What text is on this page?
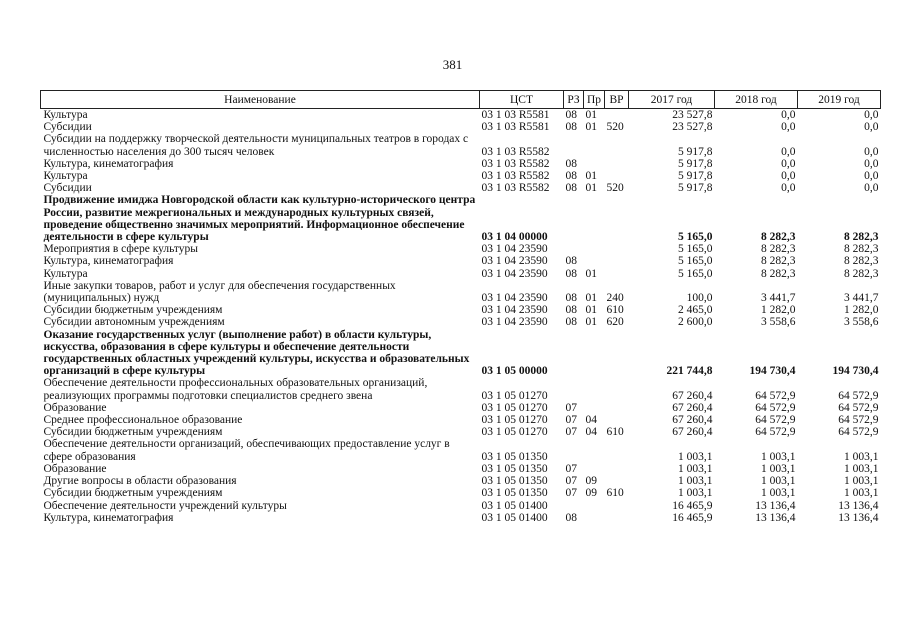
381
Наименование	ЦСТ	РЗ	Пр	ВР	2017 год	2018 год	2019 год
Культура	03 1 03 R5581	08	01		23 527,8	0,0	0,0
Субсидии	03 1 03 R5581	08	01	520	23 527,8	0,0	0,0
Субсидии на поддержку творческой деятельности муниципальных театров в городах с численностью населения до 300 тысяч человек	03 1 03 R5582				5 917,8	0,0	0,0
Культура, кинематография	03 1 03 R5582	08			5 917,8	0,0	0,0
Культура	03 1 03 R5582	08	01		5 917,8	0,0	0,0
Субсидии	03 1 03 R5582	08	01	520	5 917,8	0,0	0,0
Продвижение имиджа Новгородской области как культурно-исторического центра России, развитие межрегиональных и международных культурных связей, проведение общественно значимых мероприятий. Информационное обеспечение деятельности в сфере культуры	03 1 04 00000				5 165,0	8 282,3	8 282,3
Мероприятия в сфере культуры	03 1 04 23590				5 165,0	8 282,3	8 282,3
Культура, кинематография	03 1 04 23590	08			5 165,0	8 282,3	8 282,3
Культура	03 1 04 23590	08	01		5 165,0	8 282,3	8 282,3
Иные закупки товаров, работ и услуг для обеспечения государственных (муниципальных) нужд	03 1 04 23590	08	01	240	100,0	3 441,7	3 441,7
Субсидии бюджетным учреждениям	03 1 04 23590	08	01	610	2 465,0	1 282,0	1 282,0
Субсидии автономным учреждениям	03 1 04 23590	08	01	620	2 600,0	3 558,6	3 558,6
Оказание государственных услуг (выполнение работ) в области культуры, искусства, образования в сфере культуры и обеспечение деятельности государственных областных учреждений культуры, искусства и образовательных организаций в сфере культуры	03 1 05 00000				221 744,8	194 730,4	194 730,4
Обеспечение деятельности профессиональных образовательных организаций, реализующих программы подготовки специалистов среднего звена	03 1 05 01270				67 260,4	64 572,9	64 572,9
Образование	03 1 05 01270	07			67 260,4	64 572,9	64 572,9
Среднее профессиональное образование	03 1 05 01270	07	04		67 260,4	64 572,9	64 572,9
Субсидии бюджетным учреждениям	03 1 05 01270	07	04	610	67 260,4	64 572,9	64 572,9
Обеспечение деятельности организаций, обеспечивающих предоставление услуг в сфере образования	03 1 05 01350				1 003,1	1 003,1	1 003,1
Образование	03 1 05 01350	07			1 003,1	1 003,1	1 003,1
Другие вопросы в области образования	03 1 05 01350	07	09		1 003,1	1 003,1	1 003,1
Субсидии бюджетным учреждениям	03 1 05 01350	07	09	610	1 003,1	1 003,1	1 003,1
Обеспечение деятельности учреждений культуры	03 1 05 01400				16 465,9	13 136,4	13 136,4
Культура, кинематография	03 1 05 01400	08			16 465,9	13 136,4	13 136,4
